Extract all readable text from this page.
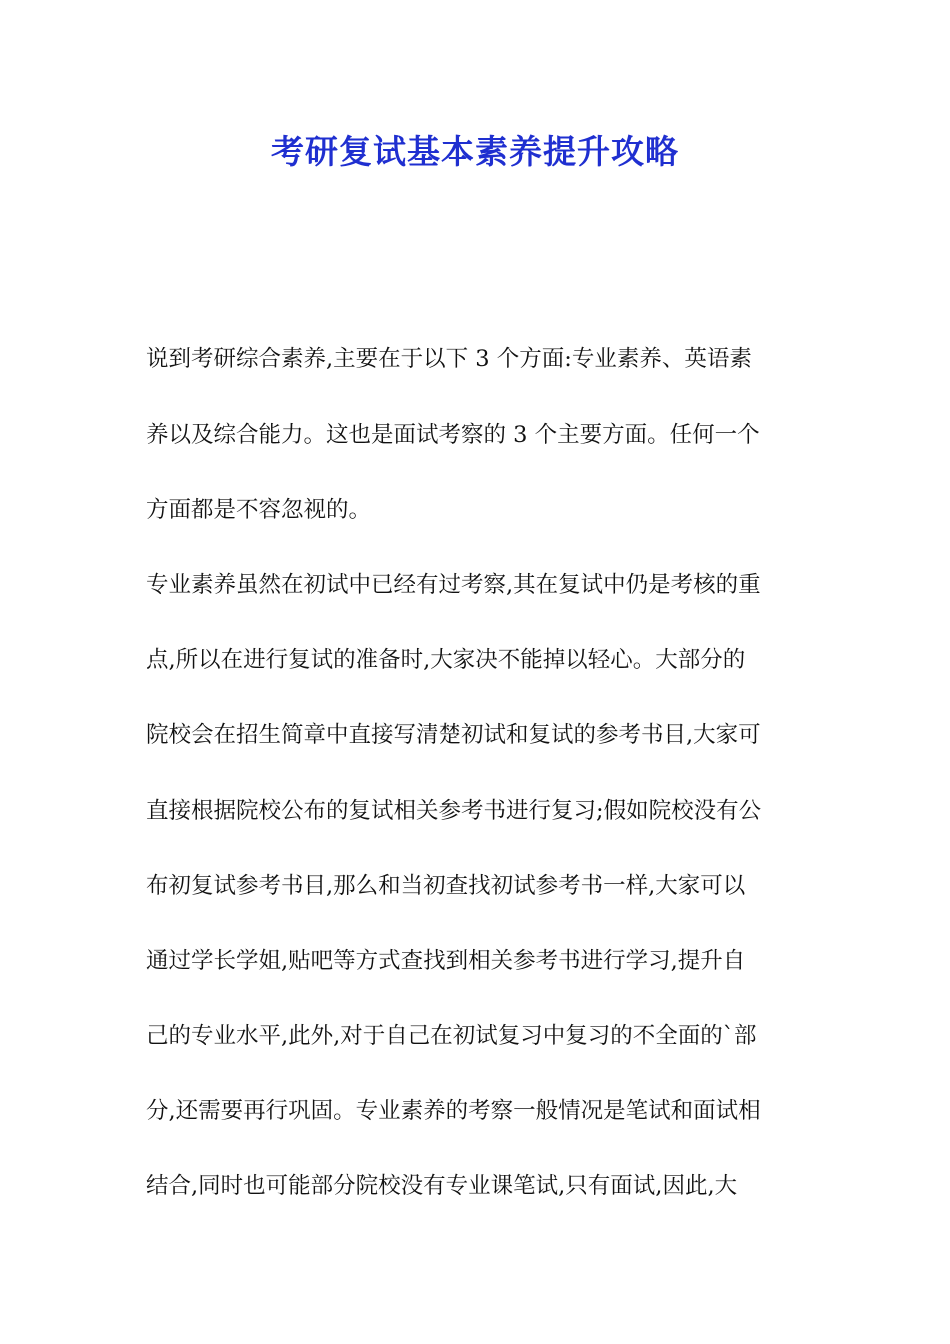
考研复试基本素养提升攻略
说到考研综合素养,主要在于以下 3 个方面:专业素养、英语素
养以及综合能力。这也是面试考察的 3 个主要方面。任何一个
方面都是不容忽视的。
专业素养虽然在初试中已经有过考察,其在复试中仍是考核的重
点,所以在进行复试的准备时,大家决不能掉以轻心。大部分的
院校会在招生简章中直接写清楚初试和复试的参考书目,大家可
直接根据院校公布的复试相关参考书进行复习;假如院校没有公
布初复试参考书目,那么和当初查找初试参考书一样,大家可以
通过学长学姐,贴吧等方式查找到相关参考书进行学习,提升自
己的专业水平,此外,对于自己在初试复习中复习的不全面的`部
分,还需要再行巩固。专业素养的考察一般情况是笔试和面试相
结合,同时也可能部分院校没有专业课笔试,只有面试,因此,大
